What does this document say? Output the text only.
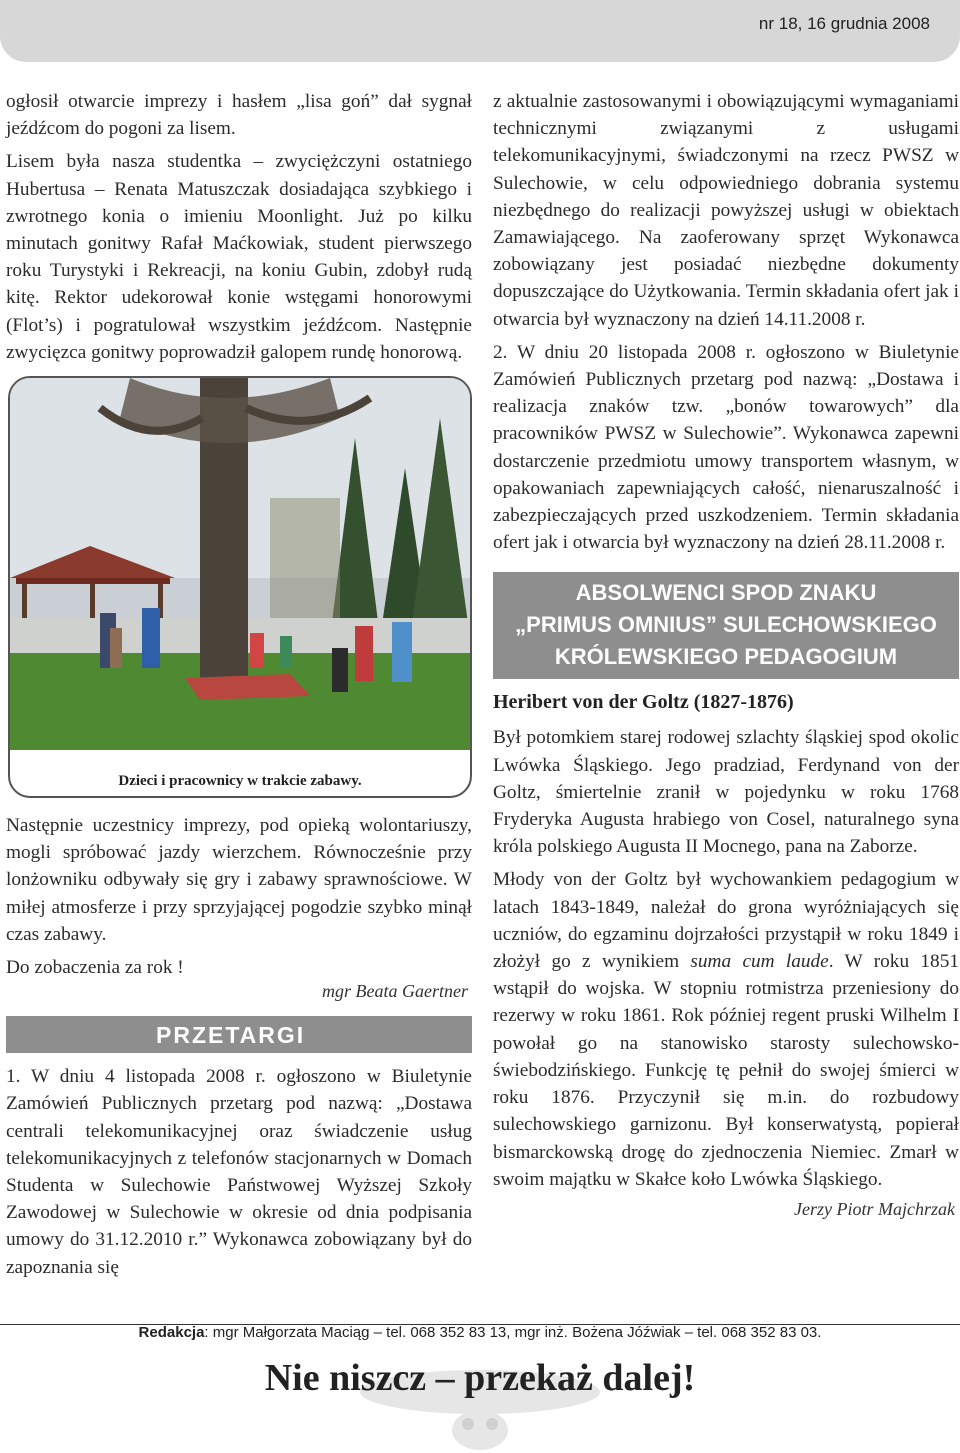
nr 18, 16 grudnia 2008

ogłosił otwarcie imprezy i hasłem „lisa goń” dał sygnał jeźdźcom do pogoni za lisem.

Lisem była nasza studentka – zwyciężczyni ostatniego Hubertusa – Renata Matuszczak dosiadająca szybkiego i zwrotnego konia o imieniu Moonlight. Już po kilku minutach gonitwy Rafał Maćkowiak, student pierwszego roku Turystyki i Rekreacji, na koniu Gubin, zdobył rudą kitę. Rektor udekorował konie wstęgami honorowymi (Flot’s) i pogratulował wszystkim jeźdźcom. Następnie zwycięzca gonitwy poprowadził galopem rundę honorową.

Dzieci i pracownicy w trakcie zabawy.

Następnie uczestnicy imprezy, pod opieką wolontariuszy, mogli spróbować jazdy wierzchem. Równocześnie przy lonżowniku odbywały się gry i zabawy sprawnościowe. W miłej atmosferze i przy sprzyjającej pogodzie szybko minął czas zabawy.

Do zobaczenia za rok !

mgr Beata Gaertner
PRZETARGI

1. W dniu 4 listopada 2008 r. ogłoszono w Biuletynie Zamówień Publicznych przetarg pod nazwą: „Dostawa centrali telekomunikacyjnej oraz świadczenie usług telekomunikacyjnych z telefonów stacjonarnych w Domach Studenta w Sulechowie Państwowej Wyższej Szkoły Zawodowej w Sulechowie w okresie od dnia podpisania umowy do 31.12.2010 r.” Wykonawca zobowiązany był do zapoznania się

z aktualnie zastosowanymi i obowiązującymi wymaganiami technicznymi związanymi z usługami telekomunikacyjnymi, świadczonymi na rzecz PWSZ w Sulechowie, w celu odpowiedniego dobrania systemu niezbędnego do realizacji powyższej usługi w obiektach Zamawiającego. Na zaoferowany sprzęt Wykonawca zobowiązany jest posiadać niezbędne dokumenty dopuszczające do Użytkowania. Termin składania ofert jak i otwarcia był wyznaczony na dzień 14.11.2008 r.

2. W dniu 20 listopada 2008 r. ogłoszono w Biuletynie Zamówień Publicznych przetarg pod nazwą: „Dostawa i realizacja znaków tzw. „bonów towarowych” dla pracowników PWSZ w Sulechowie”. Wykonawca zapewni dostarczenie przedmiotu umowy transportem własnym, w opakowaniach zapewniających całość, nienaruszalność i zabezpieczających przed uszkodzeniem. Termin składania ofert jak i otwarcia był wyznaczony na dzień 28.11.2008 r.

ABSOLWENCI SPOD ZNAKU
„PRIMUS OMNIUS” SULECHOWSKIEGO
KRÓLEWSKIEGO PEDAGOGIUM
Heribert von der Goltz (1827-1876)

Był potomkiem starej rodowej szlachty śląskiej spod okolic Lwówka Śląskiego. Jego pradziad, Ferdynand von der Goltz, śmiertelnie zranił w pojedynku w roku 1768 Fryderyka Augusta hrabiego von Cosel, naturalnego syna króla polskiego Augusta II Mocnego, pana na Zaborze.

Młody von der Goltz był wychowankiem pedagogium w latach 1843-1849, należał do grona wyróżniających się uczniów, do egzaminu dojrzałości przystąpił w roku 1849 i złożył go z wynikiem suma cum laude. W roku 1851 wstąpił do wojska. W stopniu rotmistrza przeniesiony do rezerwy w roku 1861. Rok później regent pruski Wilhelm I powołał go na stanowisko starosty sulechowsko-świebodzińskiego. Funkcję tę pełnił do swojej śmierci w roku 1876. Przyczynił się m.in. do rozbudowy sulechowskiego garnizonu. Był konserwatystą, popierał bismarckowską drogę do zjednoczenia Niemiec. Zmarł w swoim majątku w Skałce koło Lwówka Śląskiego.

Jerzy Piotr Majchrzak
Redakcja: mgr Małgorzata Maciąg – tel. 068 352 83 13, mgr inż. Bożena Jóźwiak – tel. 068 352 83 03.
Nie niszcz – przekaż dalej!
